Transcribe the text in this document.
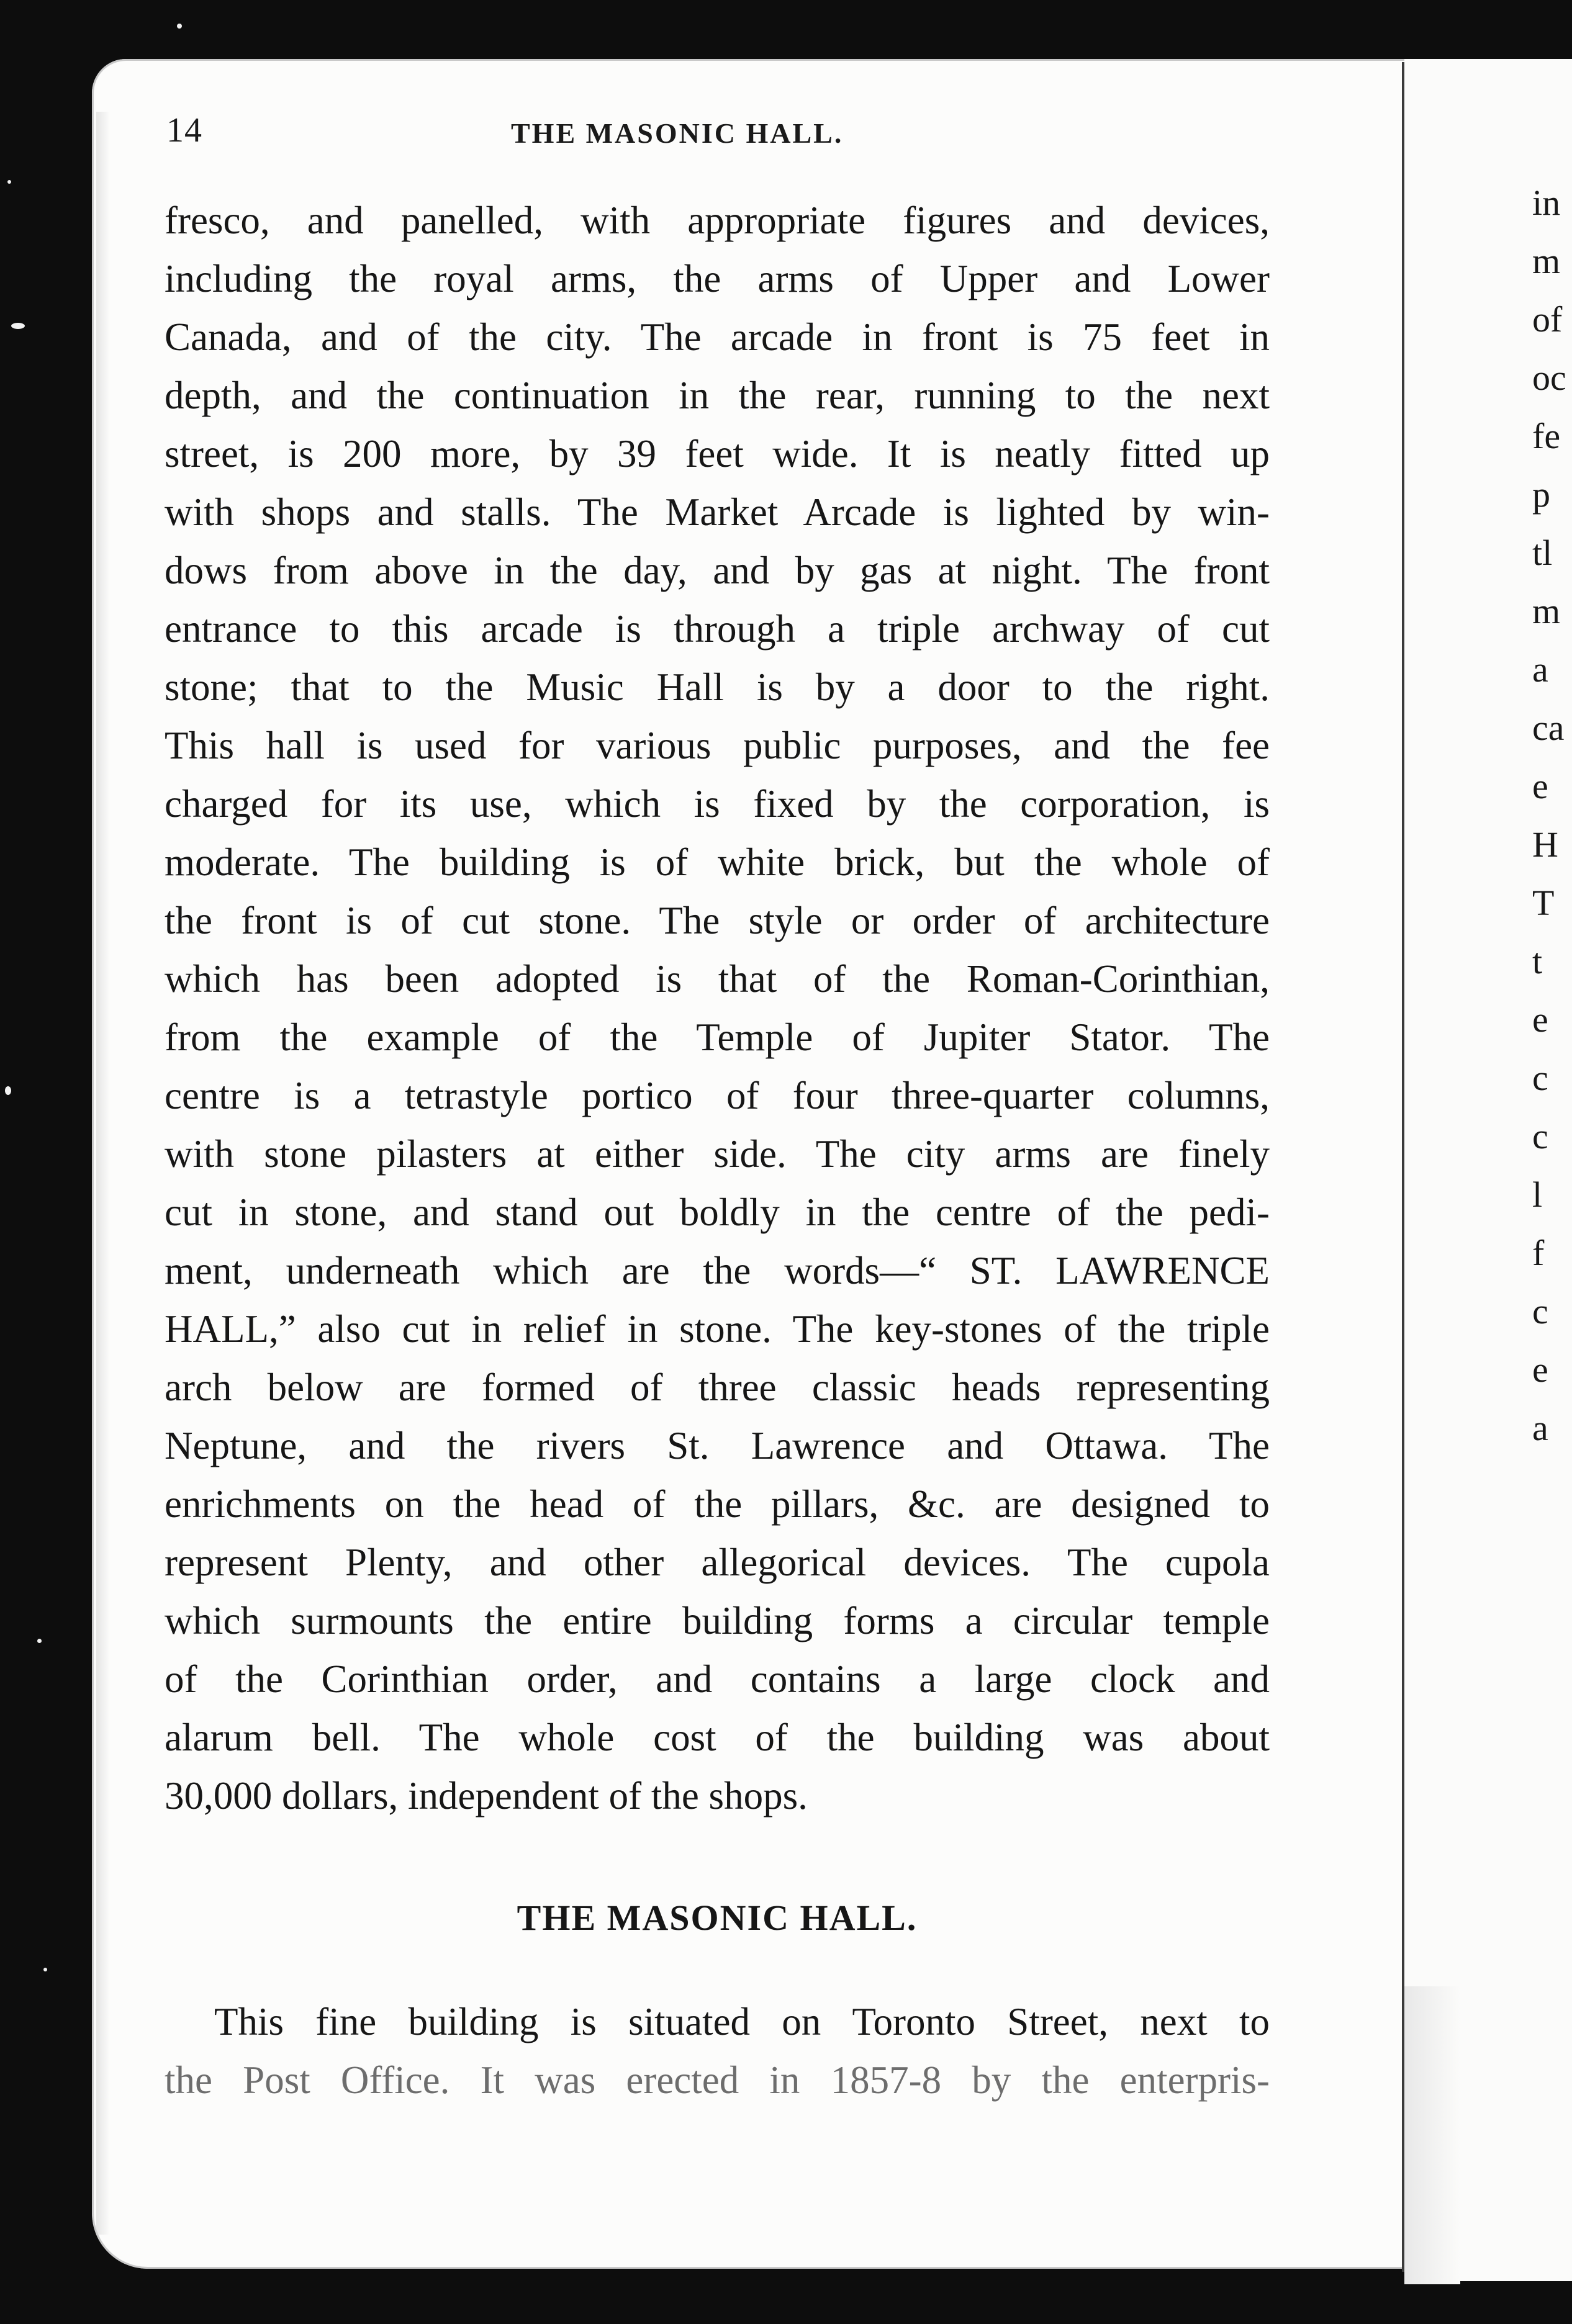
14	THE MASONIC HALL.
fresco, and panelled, with appropriate figures and devices,
including the royal arms, the arms of Upper and Lower
Canada, and of the city. The arcade in front is 75 feet in
depth, and the continuation in the rear, running to the next
street, is 200 more, by 39 feet wide. It is neatly fitted up
with shops and stalls. The Market Arcade is lighted by win-
dows from above in the day, and by gas at night. The front
entrance to this arcade is through a triple archway of cut
stone; that to the Music Hall is by a door to the right.
This hall is used for various public purposes, and the fee
charged for its use, which is fixed by the corporation, is
moderate. The building is of white brick, but the whole of
the front is of cut stone. The style or order of architecture
which has been adopted is that of the Roman-Corinthian,
from the example of the Temple of Jupiter Stator. The
centre is a tetrastyle portico of four three-quarter columns,
with stone pilasters at either side. The city arms are finely
cut in stone, and stand out boldly in the centre of the pedi-
ment, underneath which are the words—“ ST. LAWRENCE
HALL,” also cut in relief in stone. The key-stones of the triple
arch below are formed of three classic heads representing
Neptune, and the rivers St. Lawrence and Ottawa. The
enrichments on the head of the pillars, &c. are designed to
represent Plenty, and other allegorical devices. The cupola
which surmounts the entire building forms a circular temple
of the Corinthian order, and contains a large clock and
alarum bell. The whole cost of the building was about
30,000 dollars, independent of the shops.
THE MASONIC HALL.
This fine building is situated on Toronto Street, next to
the Post Office. It was erected in 1857-8 by the enterpris-
in
m
of
oc
fe
p
tl
m
a
ca
e
H
T
t
e
c
c
l
f
c
e
a
